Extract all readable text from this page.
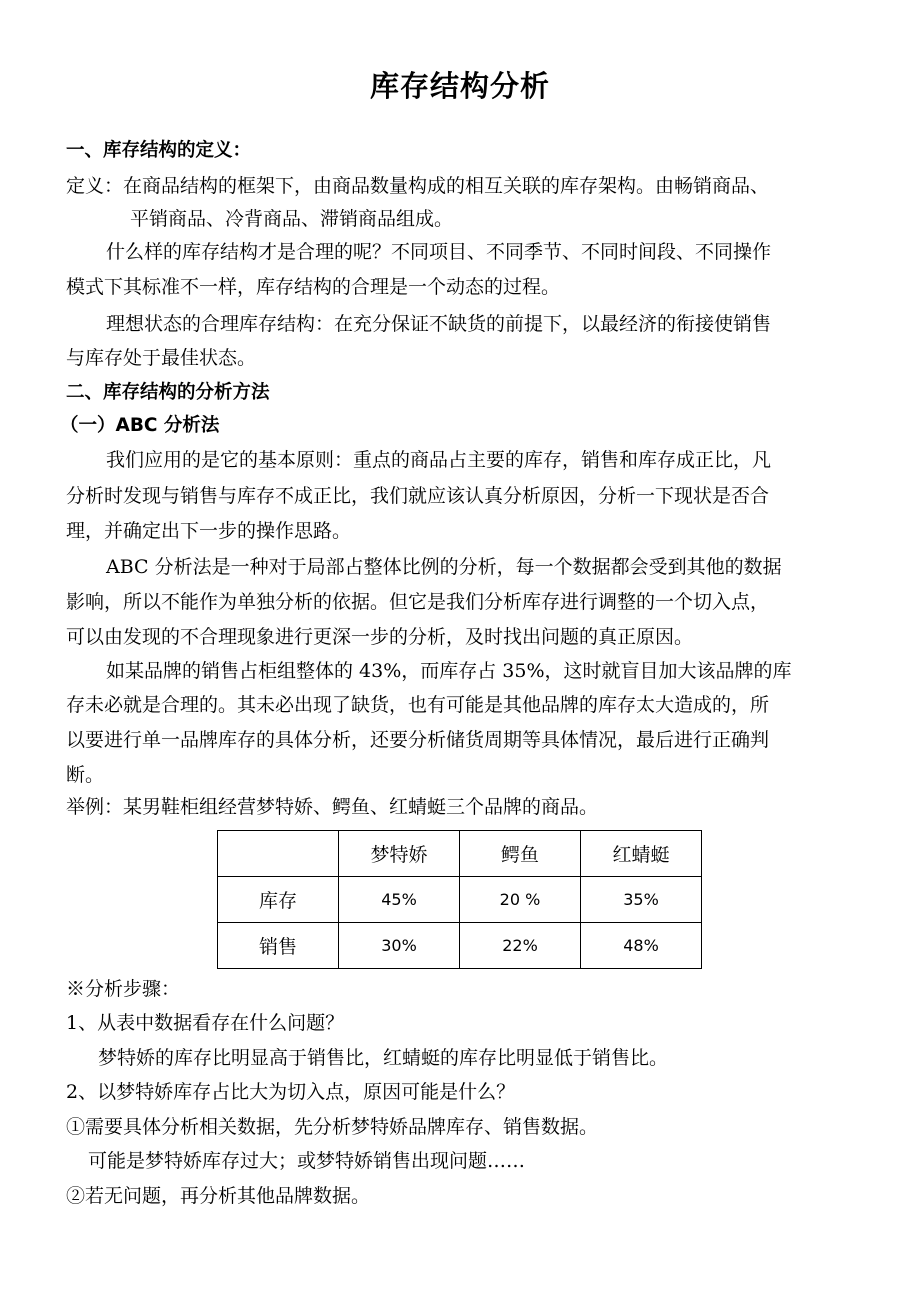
库存结构分析
一、库存结构的定义：
定义：在商品结构的框架下，由商品数量构成的相互关联的库存架构。由畅销商品、
平销商品、冷背商品、滞销商品组成。
什么样的库存结构才是合理的呢？不同项目、不同季节、不同时间段、不同操作
模式下其标准不一样，库存结构的合理是一个动态的过程。
理想状态的合理库存结构：在充分保证不缺货的前提下，以最经济的衔接使销售
与库存处于最佳状态。
二、库存结构的分析方法
（一）ABC 分析法
我们应用的是它的基本原则：重点的商品占主要的库存，销售和库存成正比，凡
分析时发现与销售与库存不成正比，我们就应该认真分析原因，分析一下现状是否合
理，并确定出下一步的操作思路。
ABC 分析法是一种对于局部占整体比例的分析，每一个数据都会受到其他的数据
影响，所以不能作为单独分析的依据。但它是我们分析库存进行调整的一个切入点，
可以由发现的不合理现象进行更深一步的分析，及时找出问题的真正原因。
如某品牌的销售占柜组整体的 43%，而库存占 35%，这时就盲目加大该品牌的库
存未必就是合理的。其未必出现了缺货，也有可能是其他品牌的库存太大造成的，所
以要进行单一品牌库存的具体分析，还要分析储货周期等具体情况，最后进行正确判
断。
举例：某男鞋柜组经营梦特娇、鳄鱼、红蜻蜓三个品牌的商品。
	梦特娇	鳄鱼	红蜻蜓
库存	45%	20 %	35%
销售	30%	22%	48%
※分析步骤：
1、从表中数据看存在什么问题？
梦特娇的库存比明显高于销售比，红蜻蜓的库存比明显低于销售比。
2、以梦特娇库存占比大为切入点，原因可能是什么？
①需要具体分析相关数据，先分析梦特娇品牌库存、销售数据。
可能是梦特娇库存过大；或梦特娇销售出现问题……
②若无问题，再分析其他品牌数据。
